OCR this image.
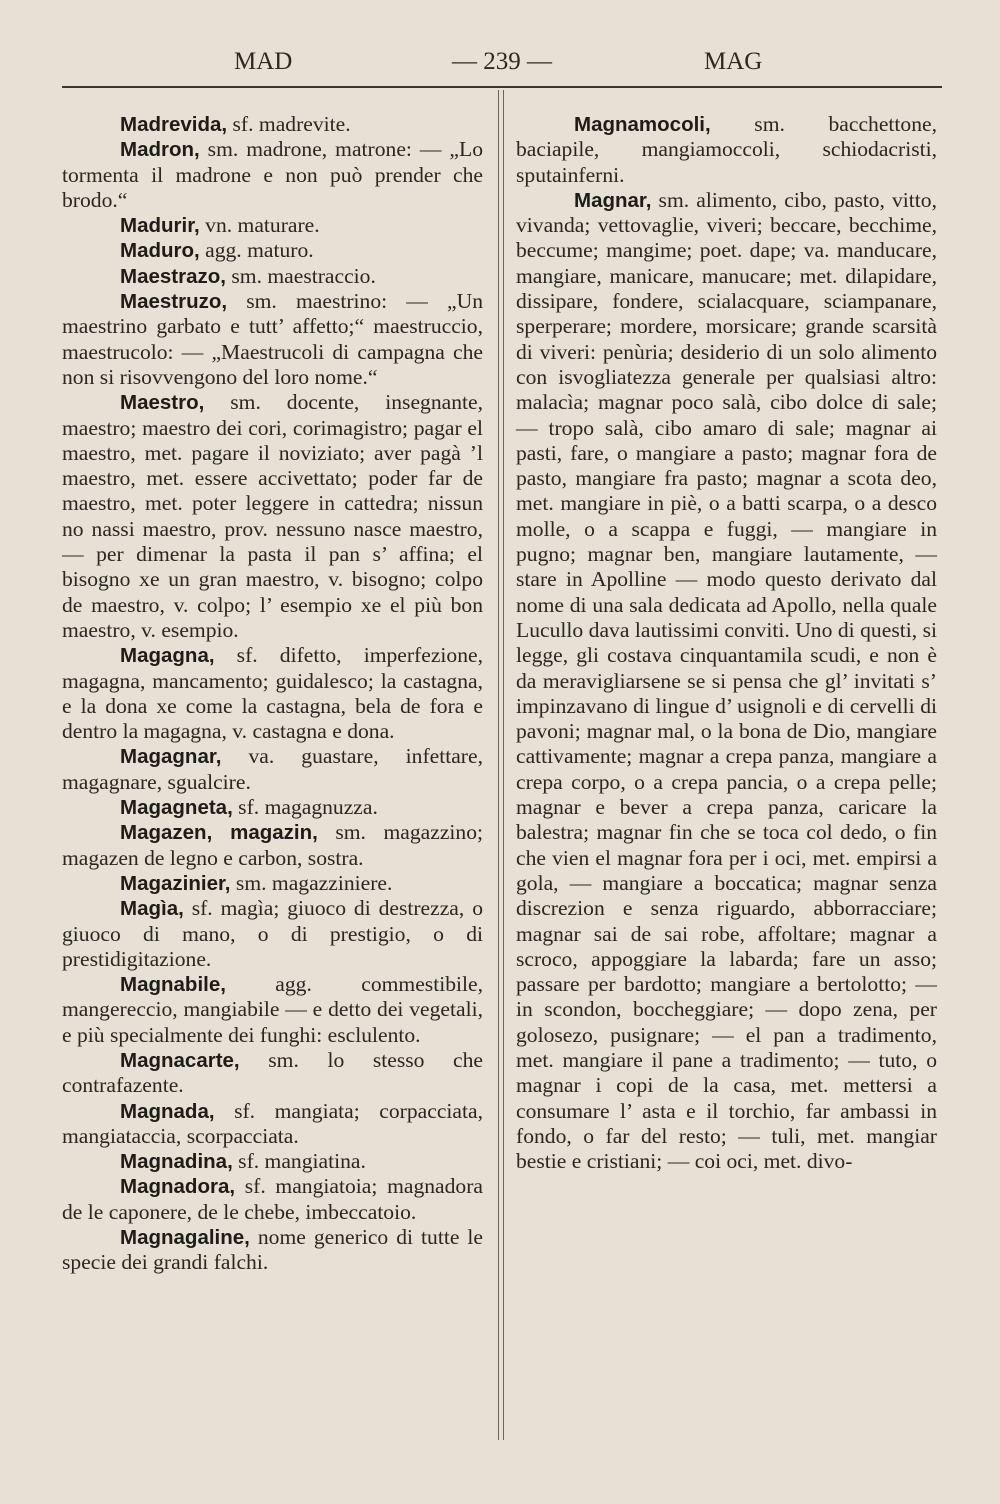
MAD	— 239 —	MAG

Madrevida, sf. madrevite.

Madron, sm. madrone, matrone: — „Lo tormenta il madrone e non può prender che brodo.“

Madurir, vn. maturare.

Maduro, agg. maturo.

Maestrazo, sm. maestraccio.

Maestruzo, sm. maestrino: — „Un maestrino garbato e tutt’ affetto;“ maestruccio, maestrucolo: — „Maestrucoli di campagna che non si risovvengono del loro nome.“

Maestro, sm. docente, insegnante, maestro; maestro dei cori, corimagistro; pagar el maestro, met. pagare il noviziato; aver pagà ’l maestro, met. essere accivettato; poder far de maestro, met. poter leggere in cattedra; nissun no nassi maestro, prov. nessuno nasce maestro, — per dimenar la pasta il pan s’ affina; el bisogno xe un gran maestro, v. bisogno; colpo de maestro, v. colpo; l’ esempio xe el più bon maestro, v. esempio.

Magagna, sf. difetto, imperfezione, magagna, mancamento; guidalesco; la castagna, e la dona xe come la castagna, bela de fora e dentro la magagna, v. castagna e dona.

Magagnar, va. guastare, infettare, magagnare, sgualcire.

Magagneta, sf. magagnuzza.

Magazen, magazin, sm. magazzino; magazen de legno e carbon, sostra.

Magazinier, sm. magazziniere.

Magìa, sf. magìa; giuoco di destrezza, o giuoco di mano, o di prestigio, o di prestidigitazione.

Magnabile, agg. commestibile, mangereccio, mangiabile — e detto dei vegetali, e più specialmente dei funghi: esclulento.

Magnacarte, sm. lo stesso che contrafazente.

Magnada, sf. mangiata; corpacciata, mangiataccia, scorpacciata.

Magnadina, sf. mangiatina.

Magnadora, sf. mangiatoia; magnadora de le caponere, de le chebe, imbeccatoio.

Magnagaline, nome generico di tutte le specie dei grandi falchi.

Magnamocoli, sm. bacchettone, baciapile, mangiamoccoli, schiodacristi, sputainferni.

Magnar, sm. alimento, cibo, pasto, vitto, vivanda; vettovaglie, viveri; beccare, becchime, beccume; mangime; poet. dape; va. manducare, mangiare, manicare, manucare; met. dilapidare, dissipare, fondere, scialacquare, sciampanare, sperperare; mordere, morsicare; grande scarsità di viveri: penùria; desiderio di un solo alimento con isvogliatezza generale per qualsiasi altro: malacìa; magnar poco salà, cibo dolce di sale; — tropo salà, cibo amaro di sale; magnar ai pasti, fare, o mangiare a pasto; magnar fora de pasto, mangiare fra pasto; magnar a scota deo, met. mangiare in piè, o a batti scarpa, o a desco molle, o a scappa e fuggi, — mangiare in pugno; magnar ben, mangiare lautamente, — stare in Apolline — modo questo derivato dal nome di una sala dedicata ad Apollo, nella quale Lucullo dava lautissimi conviti. Uno di questi, si legge, gli costava cinquantamila scudi, e non è da meravigliarsene se si pensa che gl’ invitati s’ impinzavano di lingue d’ usignoli e di cervelli di pavoni; magnar mal, o la bona de Dio, mangiare cattivamente; magnar a crepa panza, mangiare a crepa corpo, o a crepa pancia, o a crepa pelle; magnar e bever a crepa panza, caricare la balestra; magnar fin che se toca col dedo, o fin che vien el magnar fora per i oci, met. empirsi a gola, — mangiare a boccatica; magnar senza discrezion e senza riguardo, abborracciare; magnar sai de sai robe, affoltare; magnar a scroco, appoggiare la labarda; fare un asso; passare per bardotto; mangiare a bertolotto; — in scondon, boccheggiare; — dopo zena, per golosezo, pusignare; — el pan a tradimento, met. mangiare il pane a tradimento; — tuto, o magnar i copi de la casa, met. mettersi a consumare l’ asta e il torchio, far ambassi in fondo, o far del resto; — tuli, met. mangiar bestie e cristiani; — coi oci, met. divo-
